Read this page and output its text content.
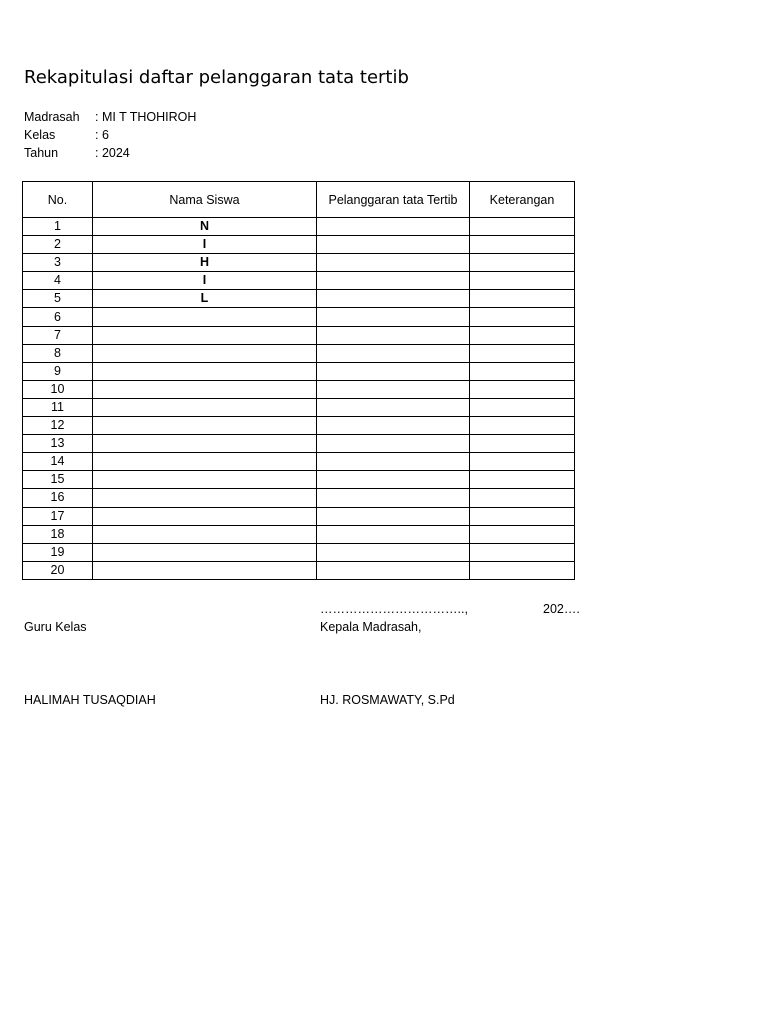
Rekapitulasi daftar pelanggaran tata tertib
Madrasah	: MI T THOHIROH
Kelas	: 6
Tahun	: 2024
No.	Nama Siswa	Pelanggaran tata Tertib	Keterangan
1	N		
2	I		
3	H		
4	I		
5	L		
6			
7			
8			
9			
10			
11			
12			
13			
14			
15			
16			
17			
18			
19			
20			
……………………………..,	202….
Guru Kelas	Kepala Madrasah,
HALIMAH TUSAQDIAH	HJ. ROSMAWATY, S.Pd
